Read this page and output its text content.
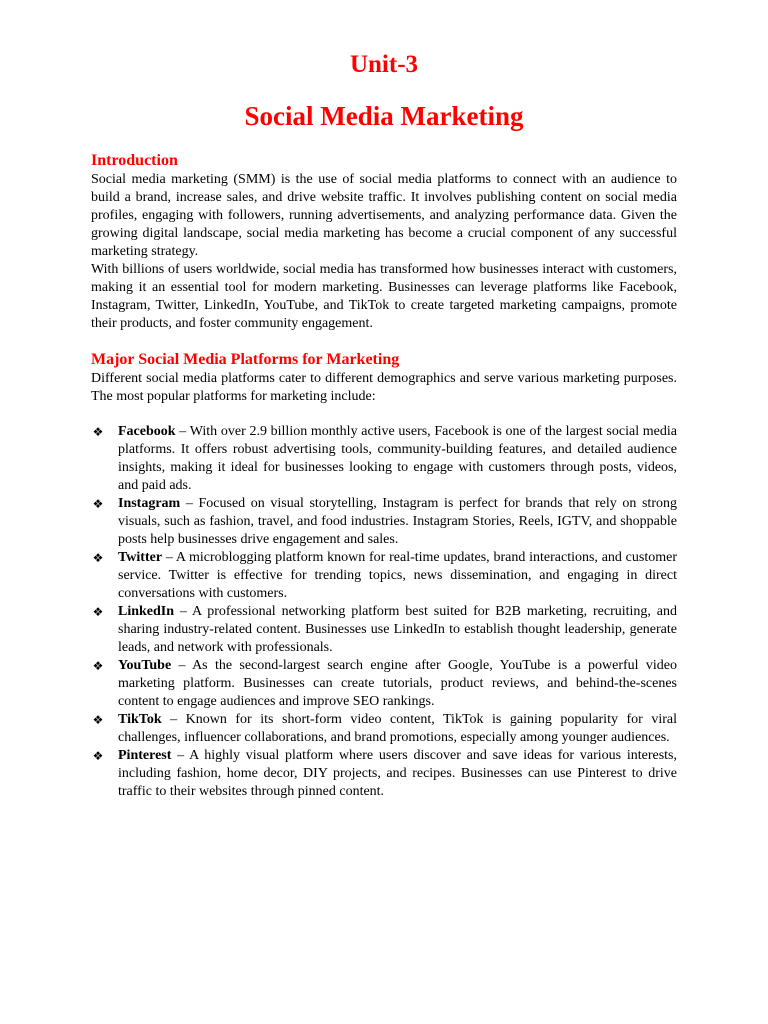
Unit-3
Social Media Marketing
Introduction

Social media marketing (SMM) is the use of social media platforms to connect with an audience to build a brand, increase sales, and drive website traffic. It involves publishing content on social media profiles, engaging with followers, running advertisements, and analyzing performance data. Given the growing digital landscape, social media marketing has become a crucial component of any successful marketing strategy.

With billions of users worldwide, social media has transformed how businesses interact with customers, making it an essential tool for modern marketing. Businesses can leverage platforms like Facebook, Instagram, Twitter, LinkedIn, YouTube, and TikTok to create targeted marketing campaigns, promote their products, and foster community engagement.

Major Social Media Platforms for Marketing

Different social media platforms cater to different demographics and serve various marketing purposes. The most popular platforms for marketing include:

❖ Facebook – With over 2.9 billion monthly active users, Facebook is one of the largest social media platforms. It offers robust advertising tools, community-building features, and detailed audience insights, making it ideal for businesses looking to engage with customers through posts, videos, and paid ads.
❖ Instagram – Focused on visual storytelling, Instagram is perfect for brands that rely on strong visuals, such as fashion, travel, and food industries. Instagram Stories, Reels, IGTV, and shoppable posts help businesses drive engagement and sales.
❖ Twitter – A microblogging platform known for real-time updates, brand interactions, and customer service. Twitter is effective for trending topics, news dissemination, and engaging in direct conversations with customers.
❖ LinkedIn – A professional networking platform best suited for B2B marketing, recruiting, and sharing industry-related content. Businesses use LinkedIn to establish thought leadership, generate leads, and network with professionals.
❖ YouTube – As the second-largest search engine after Google, YouTube is a powerful video marketing platform. Businesses can create tutorials, product reviews, and behind-the-scenes content to engage audiences and improve SEO rankings.
❖ TikTok – Known for its short-form video content, TikTok is gaining popularity for viral challenges, influencer collaborations, and brand promotions, especially among younger audiences.
❖ Pinterest – A highly visual platform where users discover and save ideas for various interests, including fashion, home decor, DIY projects, and recipes. Businesses can use Pinterest to drive traffic to their websites through pinned content.
